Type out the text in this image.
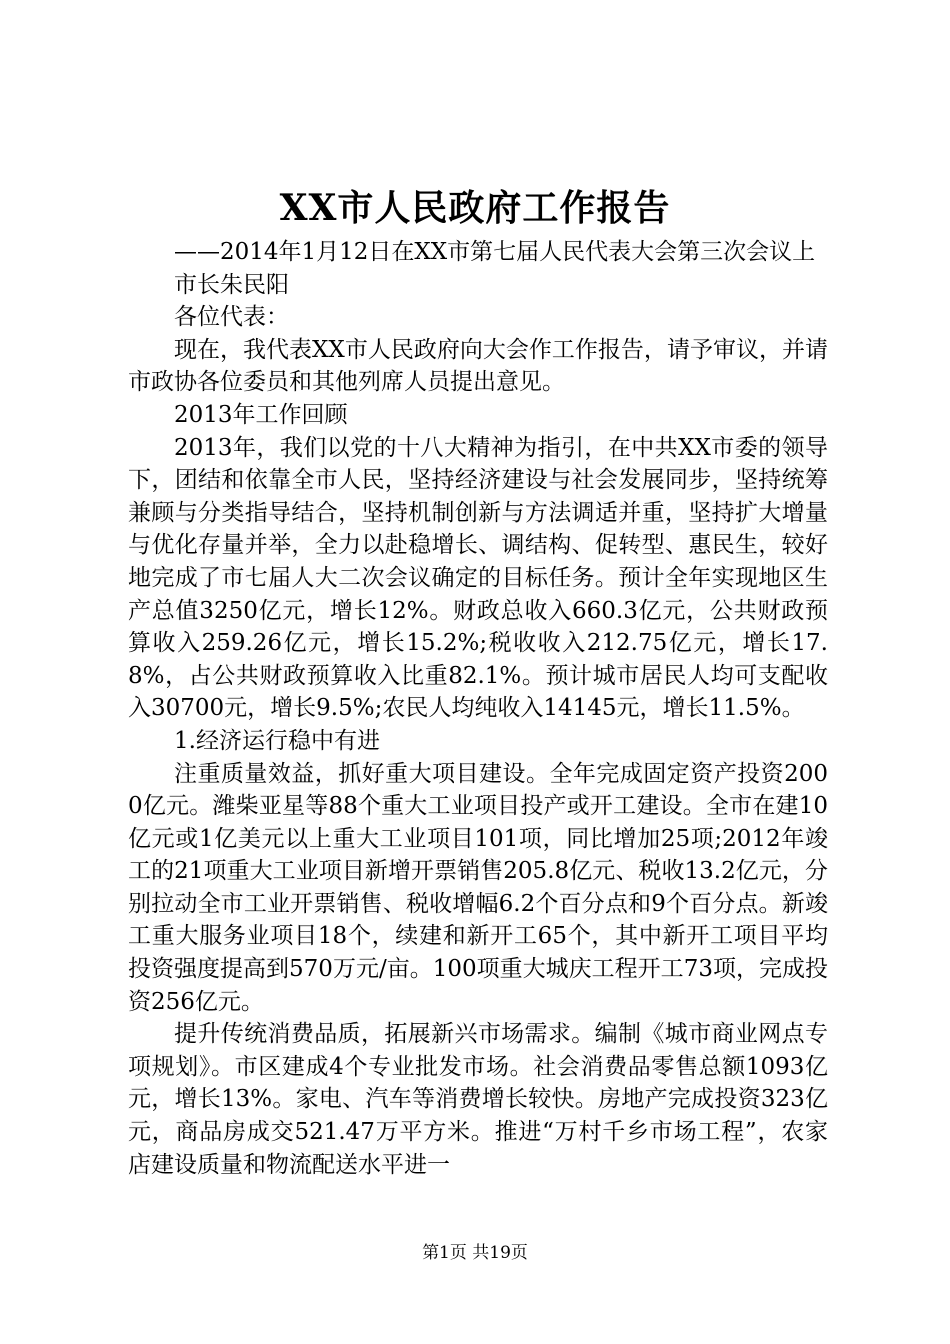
XX市人民政府工作报告

——2014年1月12日在XX市第七届人民代表大会第三次会议上

市长朱民阳

各位代表：

现在，我代表XX市人民政府向大会作工作报告，请予审议，并请市政协各位委员和其他列席人员提出意见。

2013年工作回顾

2013年，我们以党的十八大精神为指引，在中共XX市委的领导下，团结和依靠全市人民，坚持经济建设与社会发展同步，坚持统筹兼顾与分类指导结合，坚持机制创新与方法调适并重，坚持扩大增量与优化存量并举，全力以赴稳增长、调结构、促转型、惠民生，较好地完成了市七届人大二次会议确定的目标任务。预计全年实现地区生产总值3250亿元，增长12%。财政总收入660.3亿元，公共财政预算收入259.26亿元，增长15.2%;税收收入212.75亿元，增长17.8%，占公共财政预算收入比重82.1%。预计城市居民人均可支配收入30700元，增长9.5%;农民人均纯收入14145元，增长11.5%。

1.经济运行稳中有进

注重质量效益，抓好重大项目建设。全年完成固定资产投资2000亿元。潍柴亚星等88个重大工业项目投产或开工建设。全市在建10亿元或1亿美元以上重大工业项目101项，同比增加25项;2012年竣工的21项重大工业项目新增开票销售205.8亿元、税收13.2亿元，分别拉动全市工业开票销售、税收增幅6.2个百分点和9个百分点。新竣工重大服务业项目18个，续建和新开工65个，其中新开工项目平均投资强度提高到570万元/亩。100项重大城庆工程开工73项，完成投资256亿元。

提升传统消费品质，拓展新兴市场需求。编制《城市商业网点专项规划》。市区建成4个专业批发市场。社会消费品零售总额1093亿元，增长13%。家电、汽车等消费增长较快。房地产完成投资323亿元，商品房成交521.47万平方米。推进“万村千乡市场工程”，农家店建设质量和物流配送水平进一

第1页 共19页
